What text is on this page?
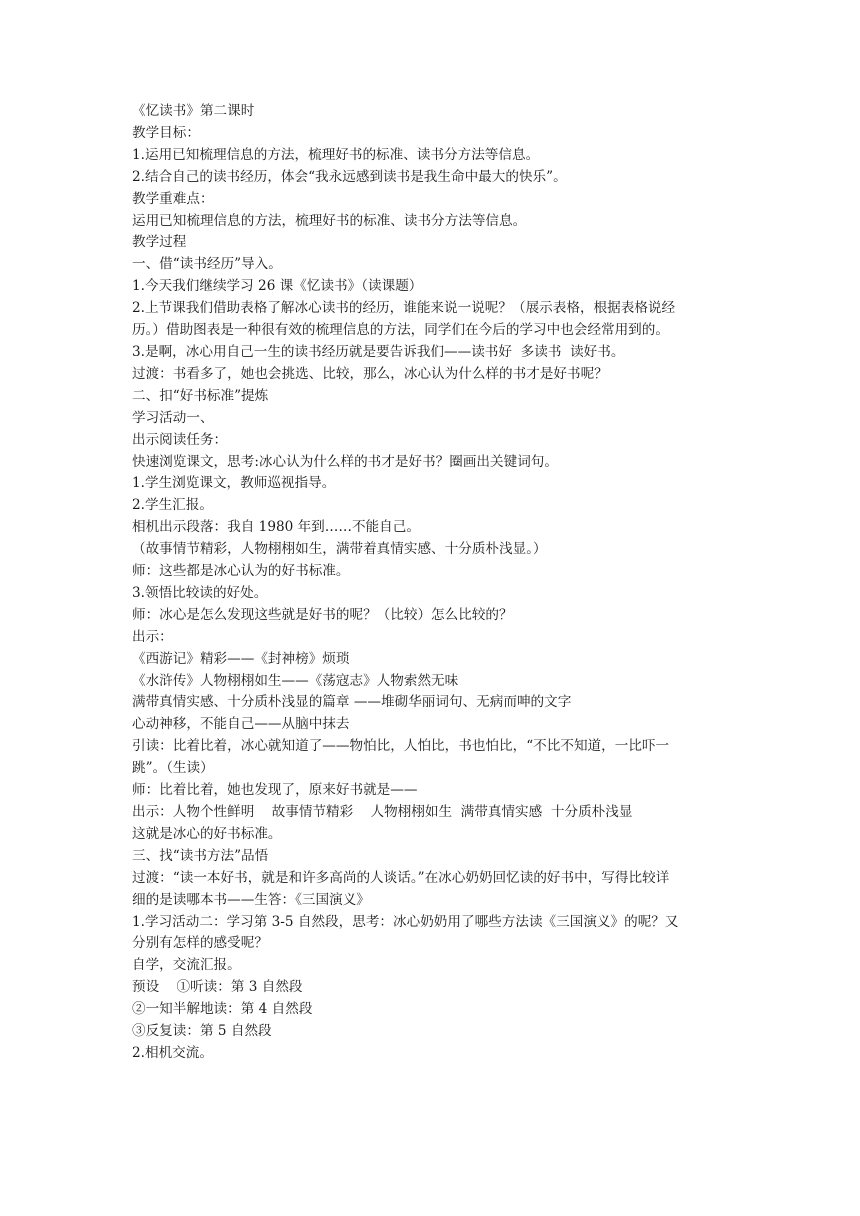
《忆读书》第二课时

教学目标：

1.运用已知梳理信息的方法，梳理好书的标准、读书分方法等信息。

2.结合自己的读书经历，体会“我永远感到读书是我生命中最大的快乐”。

教学重难点：

运用已知梳理信息的方法，梳理好书的标准、读书分方法等信息。

教学过程

一、借“读书经历”导入。

1.今天我们继续学习 26 课《忆读书》（读课题）

2.上节课我们借助表格了解冰心读书的经历，谁能来说一说呢？（展示表格，根据表格说经

历。）借助图表是一种很有效的梳理信息的方法，同学们在今后的学习中也会经常用到的。

3.是啊，冰心用自己一生的读书经历就是要告诉我们——读书好  多读书  读好书。

过渡：书看多了，她也会挑选、比较，那么，冰心认为什么样的书才是好书呢？

二、扣“好书标准”提炼

学习活动一、

出示阅读任务：

快速浏览课文，思考:冰心认为什么样的书才是好书？圈画出关键词句。

1.学生浏览课文，教师巡视指导。

2.学生汇报。

相机出示段落：我自 1980 年到……不能自己。

（故事情节精彩，人物栩栩如生，满带着真情实感、十分质朴浅显。）

师：这些都是冰心认为的好书标准。

3.领悟比较读的好处。

师：冰心是怎么发现这些就是好书的呢？（比较）怎么比较的？

出示：

《西游记》精彩——《封神榜》烦琐

《水浒传》人物栩栩如生——《荡寇志》人物索然无味

满带真情实感、十分质朴浅显的篇章 ——堆砌华丽词句、无病而呻的文字

心动神移，不能自己——从脑中抹去

引读：比着比着，冰心就知道了——物怕比，人怕比，书也怕比，“不比不知道，一比吓一

跳”。（生读）

师：比着比着，她也发现了，原来好书就是——

出示：人物个性鲜明    故事情节精彩    人物栩栩如生  满带真情实感  十分质朴浅显

这就是冰心的好书标准。

三、找“读书方法”品悟

过渡：“读一本好书，就是和许多高尚的人谈话。”在冰心奶奶回忆读的好书中，写得比较详

细的是读哪本书——生答：《三国演义》

1.学习活动二：学习第 3-5 自然段，思考：冰心奶奶用了哪些方法读《三国演义》的呢？又

分别有怎样的感受呢？

自学，交流汇报。

预设    ①听读：第 3 自然段

②一知半解地读：第 4 自然段

③反复读：第 5 自然段

2.相机交流。
